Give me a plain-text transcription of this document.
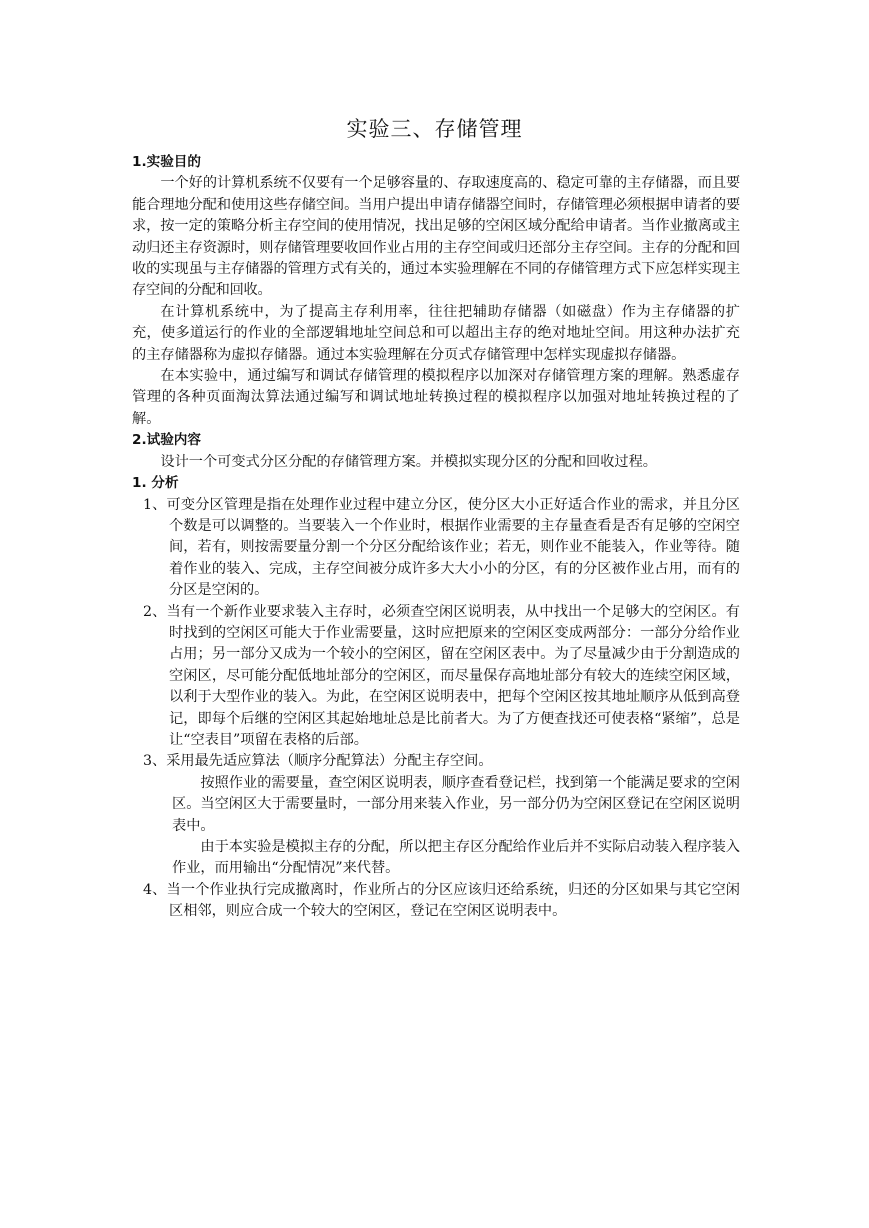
实验三、存储管理
1.实验目的

一个好的计算机系统不仅要有一个足够容量的、存取速度高的、稳定可靠的主存储器，而且要能合理地分配和使用这些存储空间。当用户提出申请存储器空间时，存储管理必须根据申请者的要求，按一定的策略分析主存空间的使用情况，找出足够的空闲区域分配给申请者。当作业撤离或主动归还主存资源时，则存储管理要收回作业占用的主存空间或归还部分主存空间。主存的分配和回收的实现虽与主存储器的管理方式有关的，通过本实验理解在不同的存储管理方式下应怎样实现主存空间的分配和回收。

在计算机系统中，为了提高主存利用率，往往把辅助存储器（如磁盘）作为主存储器的扩充，使多道运行的作业的全部逻辑地址空间总和可以超出主存的绝对地址空间。用这种办法扩充的主存储器称为虚拟存储器。通过本实验理解在分页式存储管理中怎样实现虚拟存储器。

在本实验中，通过编写和调试存储管理的模拟程序以加深对存储管理方案的理解。熟悉虚存管理的各种页面淘汰算法通过编写和调试地址转换过程的模拟程序以加强对地址转换过程的了解。

2.试验内容

设计一个可变式分区分配的存储管理方案。并模拟实现分区的分配和回收过程。

1. 分析

1、可变分区管理是指在处理作业过程中建立分区，使分区大小正好适合作业的需求，并且分区个数是可以调整的。当要装入一个作业时，根据作业需要的主存量查看是否有足够的空闲空间，若有，则按需要量分割一个分区分配给该作业；若无，则作业不能装入，作业等待。随着作业的装入、完成，主存空间被分成许多大大小小的分区，有的分区被作业占用，而有的分区是空闲的。

2、当有一个新作业要求装入主存时，必须查空闲区说明表，从中找出一个足够大的空闲区。有时找到的空闲区可能大于作业需要量，这时应把原来的空闲区变成两部分：一部分分给作业占用；另一部分又成为一个较小的空闲区，留在空闲区表中。为了尽量减少由于分割造成的空闲区，尽可能分配低地址部分的空闲区，而尽量保存高地址部分有较大的连续空闲区域，以利于大型作业的装入。为此，在空闲区说明表中，把每个空闲区按其地址顺序从低到高登记，即每个后继的空闲区其起始地址总是比前者大。为了方便查找还可使表格“紧缩”，总是让“空表目”项留在表格的后部。

3、采用最先适应算法（顺序分配算法）分配主存空间。

按照作业的需要量，查空闲区说明表，顺序查看登记栏，找到第一个能满足要求的空闲区。当空闲区大于需要量时，一部分用来装入作业，另一部分仍为空闲区登记在空闲区说明表中。

由于本实验是模拟主存的分配，所以把主存区分配给作业后并不实际启动装入程序装入作业，而用输出“分配情况”来代替。

4、当一个作业执行完成撤离时，作业所占的分区应该归还给系统，归还的分区如果与其它空闲区相邻，则应合成一个较大的空闲区，登记在空闲区说明表中。
